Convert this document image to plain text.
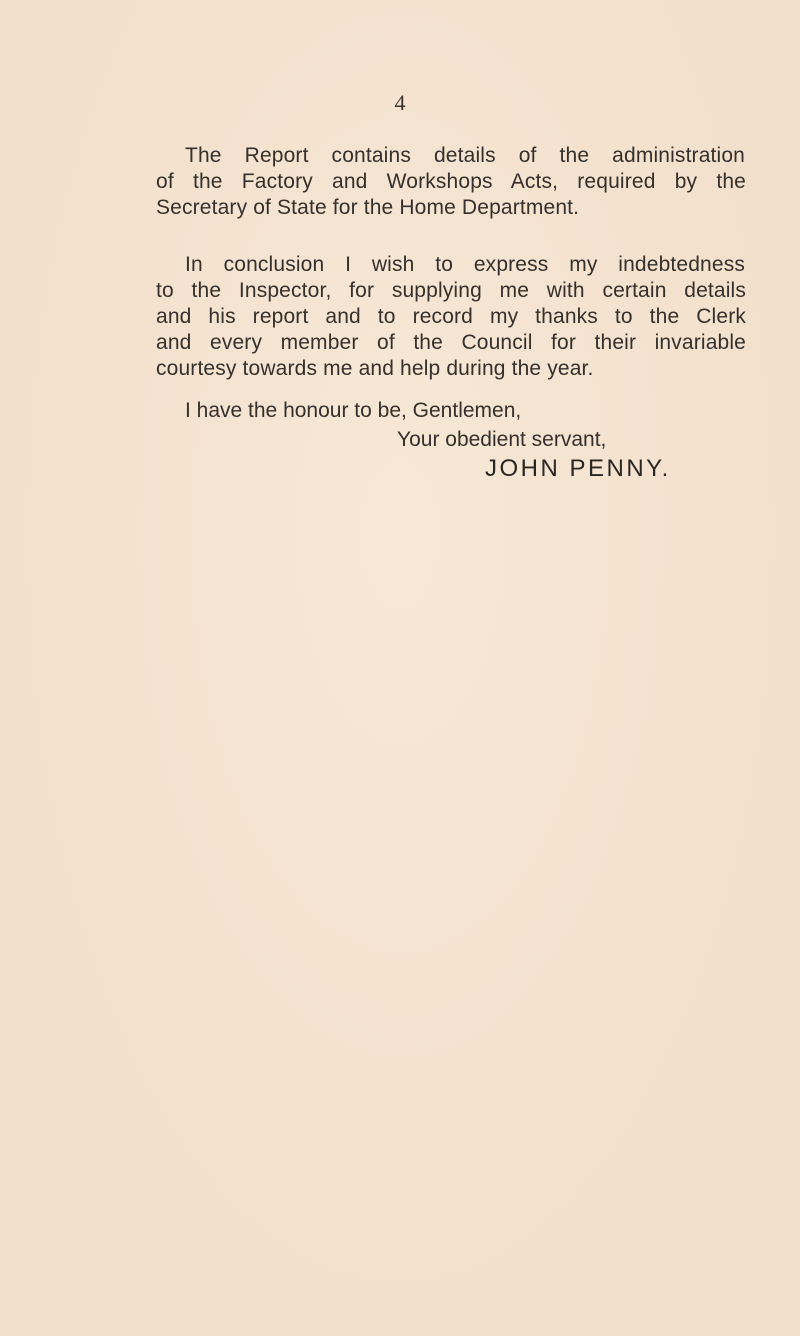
4
The Report contains details of the administration
of the Factory and Workshops Acts, required by the
Secretary of State for the Home Department.
In conclusion I wish to express my indebtedness
to the Inspector, for supplying me with certain details
and his report and to record my thanks to the Clerk
and every member of the Council for their invariable
courtesy towards me and help during the year.
I have the honour to be, Gentlemen,
Your obedient servant,
JOHN PENNY.
